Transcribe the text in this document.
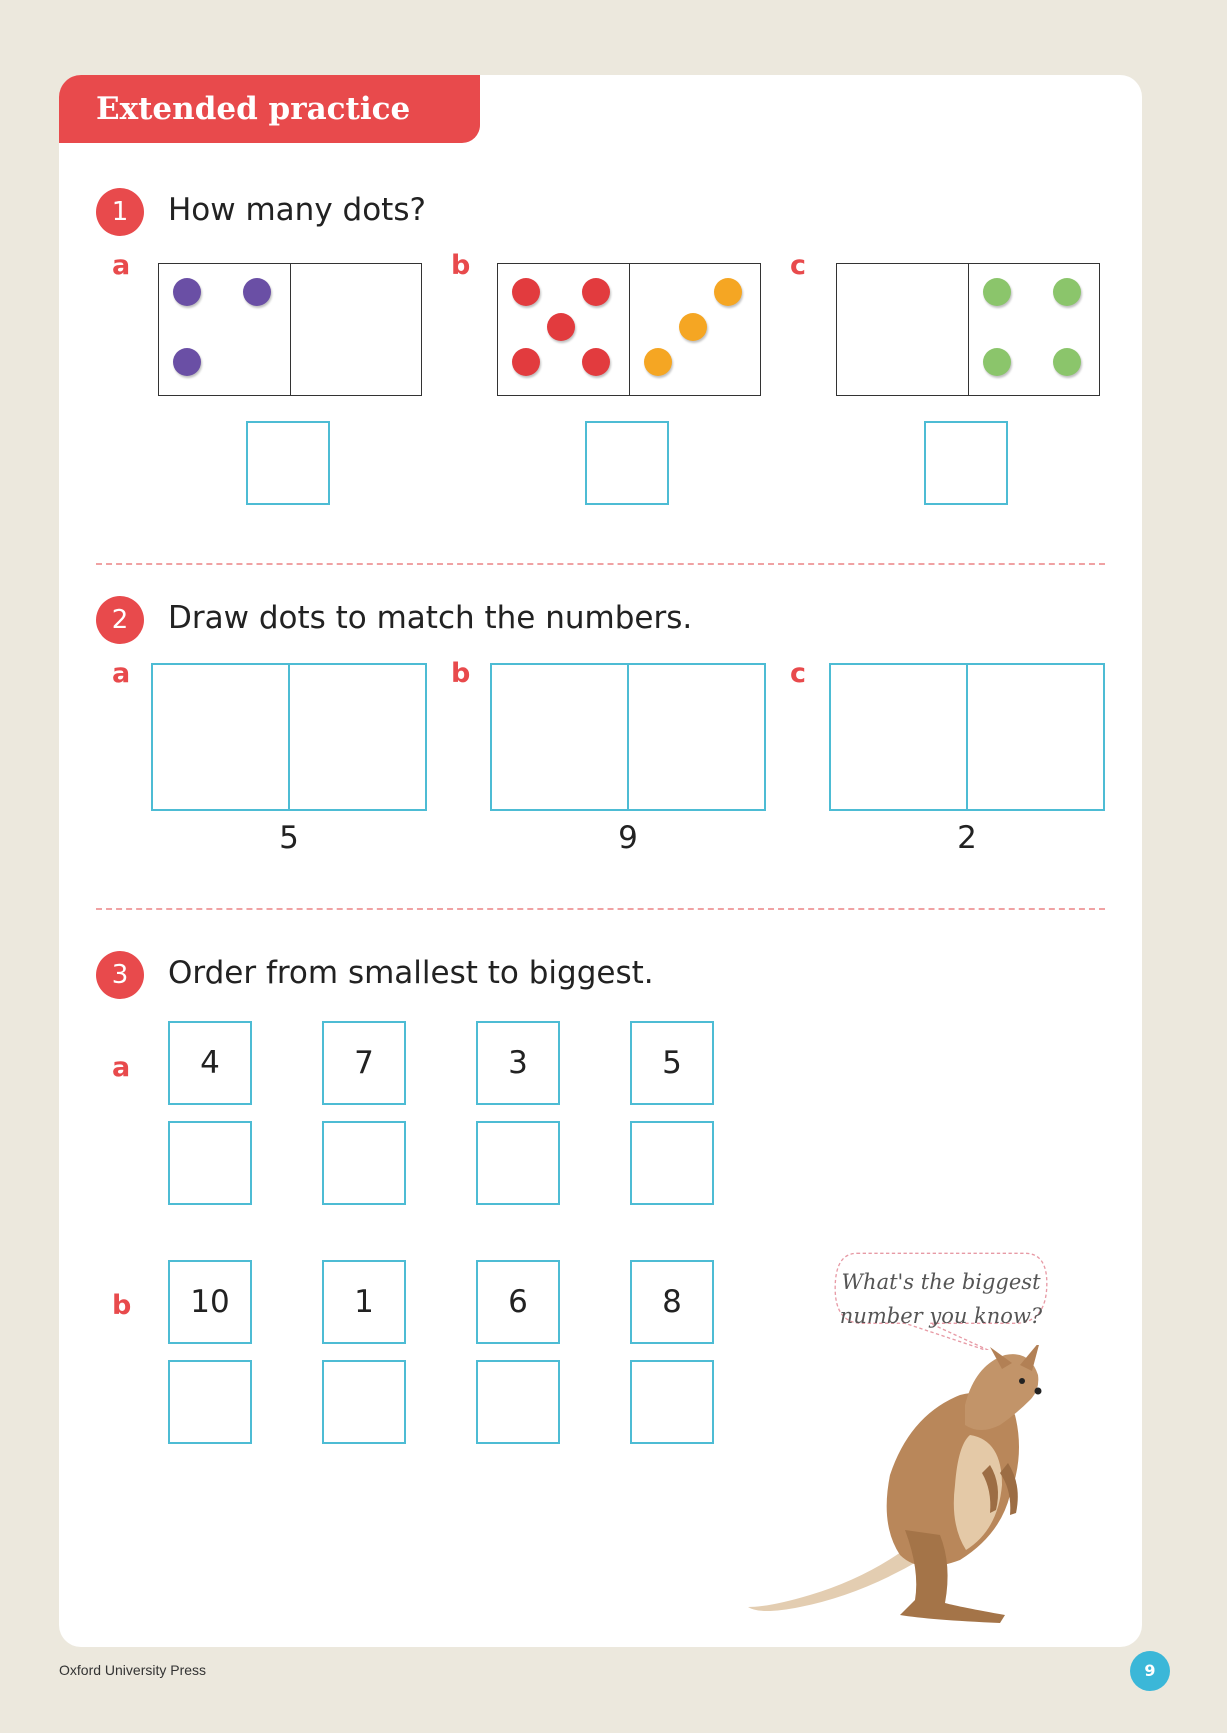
Extended practice
1	How many dots?
a	b	c
2	Draw dots to match the numbers.
a
5
b
9
c
2
3	Order from smallest to biggest.
a	4	7	3	5
b	10	1	6	8
What's the biggest
number you know?
Oxford University Press	9
